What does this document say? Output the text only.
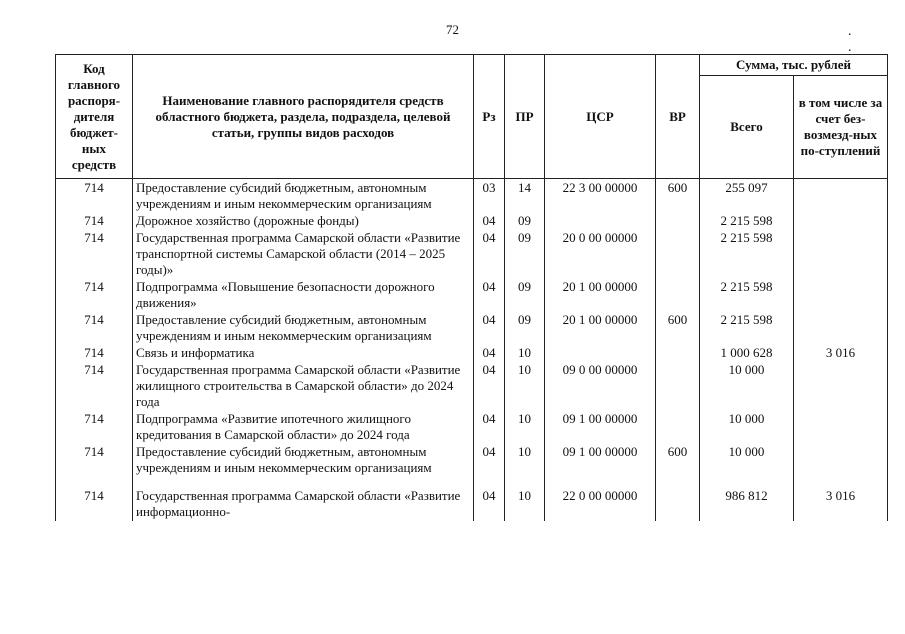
72	. .
Код главного распоря-дителя бюджет-ных средств	Наименование главного распорядителя средств областного бюджета, раздела, подраздела, целевой статьи, группы видов расходов	Рз	ПР	ЦСР	ВР	Сумма, тыс. рублей	
						Всего	в том числе за счет без-возмезд-ных по-ступлений
714	Предоставление субсидий бюджетным, автономным учреждениям и иным некоммерческим организациям	03	14	22 3 00 00000	600	255 097	
714	Дорожное хозяйство (дорожные фонды)	04	09			2 215 598	
714	Государственная программа Самарской области «Развитие транспортной системы Самарской области (2014 – 2025 годы)»	04	09	20 0 00 00000		2 215 598	
714	Подпрограмма «Повышение безопасности дорожного движения»	04	09	20 1 00 00000		2 215 598	
714	Предоставление субсидий бюджетным, автономным учреждениям и иным некоммерческим организациям	04	09	20 1 00 00000	600	2 215 598	
714	Связь и информатика	04	10			1 000 628	3 016
714	Государственная программа Самарской области «Развитие жилищного строительства в Самарской области» до 2024 года	04	10	09 0 00 00000		10 000	
714	Подпрограмма «Развитие ипотечного жилищного кредитования в Самарской области» до 2024 года	04	10	09 1 00 00000		10 000	
714	Предоставление субсидий бюджетным, автономным учреждениям и иным некоммерческим организациям	04	10	09 1 00 00000	600	10 000	

714	Государственная программа Самарской области «Развитие информационно-	04	10	22 0 00 00000		986 812	3 016
